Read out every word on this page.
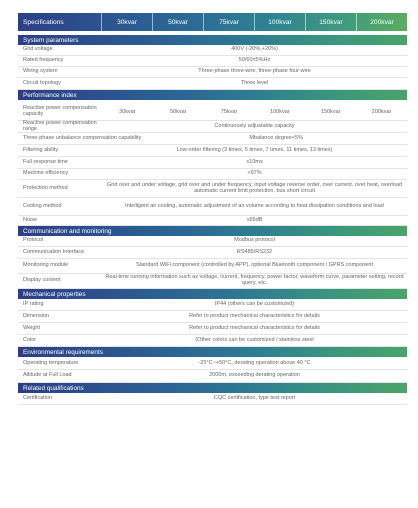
Specifications	30kvar	50kvar	75kvar	100kvar	150kvar	200kvar
System parameters
Grid voltage	400V (-20%,+20%)
Rated frequency	50/60±5%Hz
Wiring system	Three-phase three-wire, three-phase four-wire
Circuit topology	Three level
Performance index
Reactive power compensation capacity	30kvar	50kvar	75kvar	100kvar	150kvar	200kvar
Reactive power compensation range	Continuously adjustable capacity
Three-phase unbalance compensation capability	Mbalance degree<5%
Filtering ability	Low-order filtering (3 times, 5 times, 7 times, 11 times, 13 times)
Full response time	≤10ms
Machine efficiency	>97%
Protection method	Grid over and under voltage, grid over and under frequency, input voltage reverse order, over current, over heat, overload automatic current limit protection, bus short circuit
Cooling method	Intelligent air cooling, automatic adjustment of air volume according to heat dissipation conditions and load
Noise	≤65dB
Communication and monitoring
Protocol	Modbus protocol
Communication Interface	RS485/RS232
Monitoring module	Standard WiFi component (controlled by APP), optional Bluetooth component / GPRS component
Display content	Real-time running information such as voltage, current, frequency, power factor, waveform curve, parameter setting, record query, etc.
Mechanical properties
IP rating	IP44 (others can be customized)
Dimension	Refer to product mechanical characteristics for details
Weight	Refer to product mechanical characteristics for details
Color	(Other colors can be customized / stainless steel
Environmental requirements
Operating temperature	-25°C~+50°C, derating operation above 40 °C
Altitude at Full Load	2000m, exceeding derating operation
Related qualifications
Certification	CQC certification, type test report
